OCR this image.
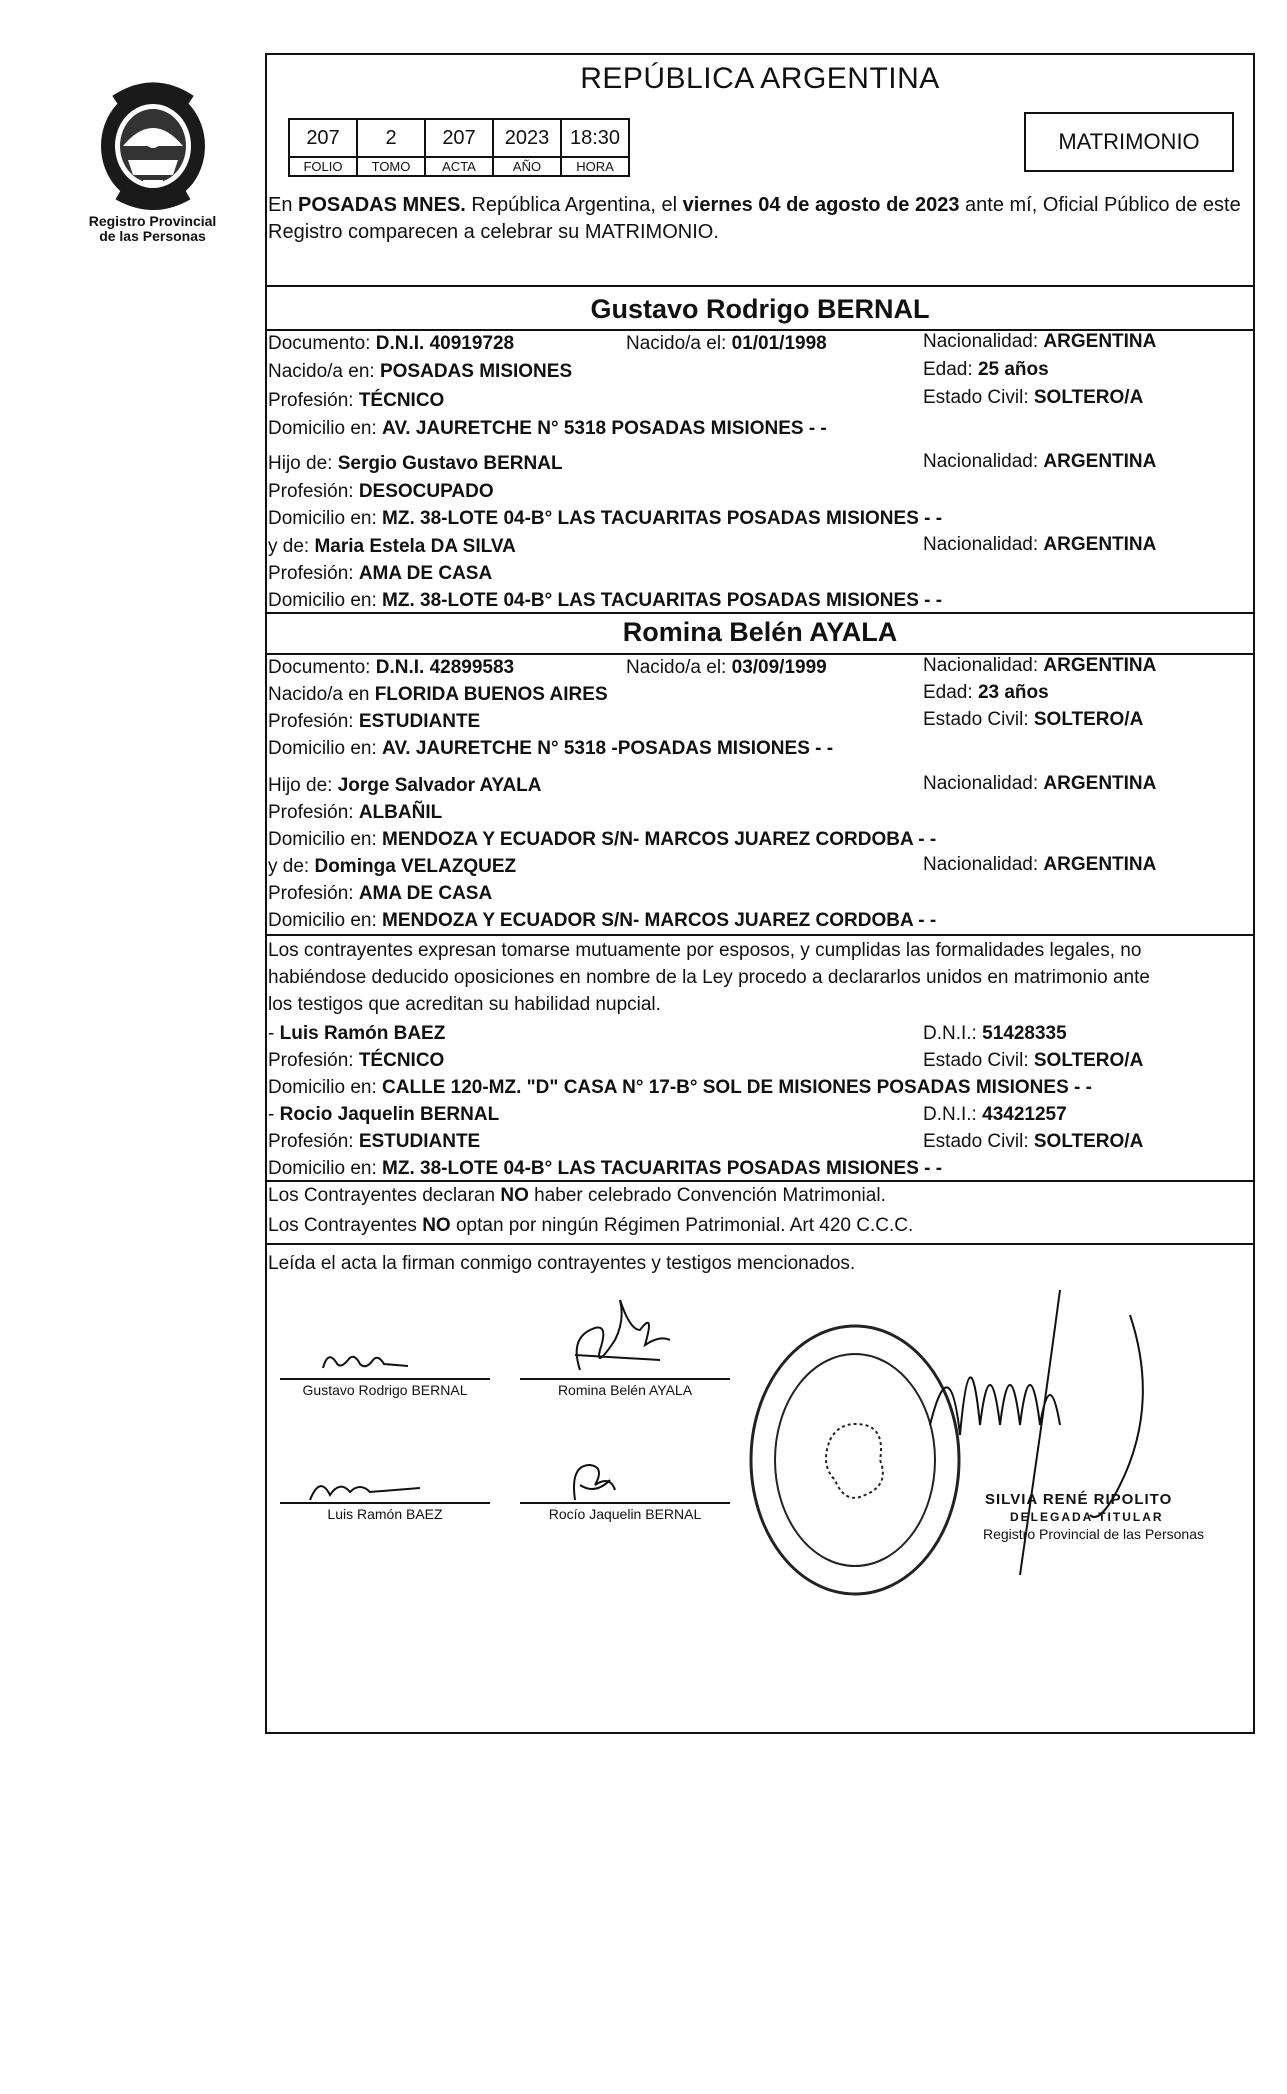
Registro Provincial
de las Personas
REPÚBLICA ARGENTINA
207	2	207	2023	18:30
FOLIO	TOMO	ACTA	AÑO	HORA
MATRIMONIO
En POSADAS MNES. República Argentina, el viernes 04 de agosto de 2023 ante mí, Oficial Público de este Registro comparecen a celebrar su MATRIMONIO.
Gustavo Rodrigo BERNAL
Documento: D.N.I. 40919728	Nacido/a el: 01/01/1998	Nacionalidad: ARGENTINA
Nacido/a en: POSADAS MISIONES	Edad: 25 años
Profesión: TÉCNICO	Estado Civil: SOLTERO/A
Domicilio en: AV. JAURETCHE N° 5318 POSADAS MISIONES - -
Hijo de: Sergio Gustavo BERNAL	Nacionalidad: ARGENTINA
Profesión: DESOCUPADO
Domicilio en: MZ. 38-LOTE 04-B° LAS TACUARITAS POSADAS MISIONES - -
y de: Maria Estela DA SILVA	Nacionalidad: ARGENTINA
Profesión: AMA DE CASA
Domicilio en: MZ. 38-LOTE 04-B° LAS TACUARITAS POSADAS MISIONES - -
Romina Belén AYALA
Documento: D.N.I. 42899583	Nacido/a el: 03/09/1999	Nacionalidad: ARGENTINA
Nacido/a en FLORIDA BUENOS AIRES	Edad: 23 años
Profesión: ESTUDIANTE	Estado Civil: SOLTERO/A
Domicilio en: AV. JAURETCHE N° 5318 -POSADAS MISIONES - -
Hijo de: Jorge Salvador AYALA	Nacionalidad: ARGENTINA
Profesión: ALBAÑIL
Domicilio en: MENDOZA Y ECUADOR S/N- MARCOS JUAREZ CORDOBA - -
y de: Dominga VELAZQUEZ	Nacionalidad: ARGENTINA
Profesión: AMA DE CASA
Domicilio en: MENDOZA Y ECUADOR S/N- MARCOS JUAREZ CORDOBA - -
Los contrayentes expresan tomarse mutuamente por esposos, y cumplidas las formalidades legales, no
habiéndose deducido oposiciones en nombre de la Ley procedo a declararlos unidos en matrimonio ante
los testigos que acreditan su habilidad nupcial.
- Luis Ramón BAEZ	D.N.I.: 51428335
Profesión: TÉCNICO	Estado Civil: SOLTERO/A
Domicilio en: CALLE 120-MZ. "D" CASA N° 17-B° SOL DE MISIONES POSADAS MISIONES - -
- Rocio Jaquelin BERNAL	D.N.I.: 43421257
Profesión: ESTUDIANTE	Estado Civil: SOLTERO/A
Domicilio en: MZ. 38-LOTE 04-B° LAS TACUARITAS POSADAS MISIONES - -
Los Contrayentes declaran NO haber celebrado Convención Matrimonial.
Los Contrayentes NO optan por ningún Régimen Patrimonial. Art 420 C.C.C.
Leída el acta la firman conmigo contrayentes y testigos mencionados.
Gustavo Rodrigo BERNAL	Romina Belén AYALA
Luis Ramón BAEZ	Rocío Jaquelin BERNAL
SILVIA RENÉ RIPOLITO
DELEGADA TITULAR
Registro Provincial de las Personas
